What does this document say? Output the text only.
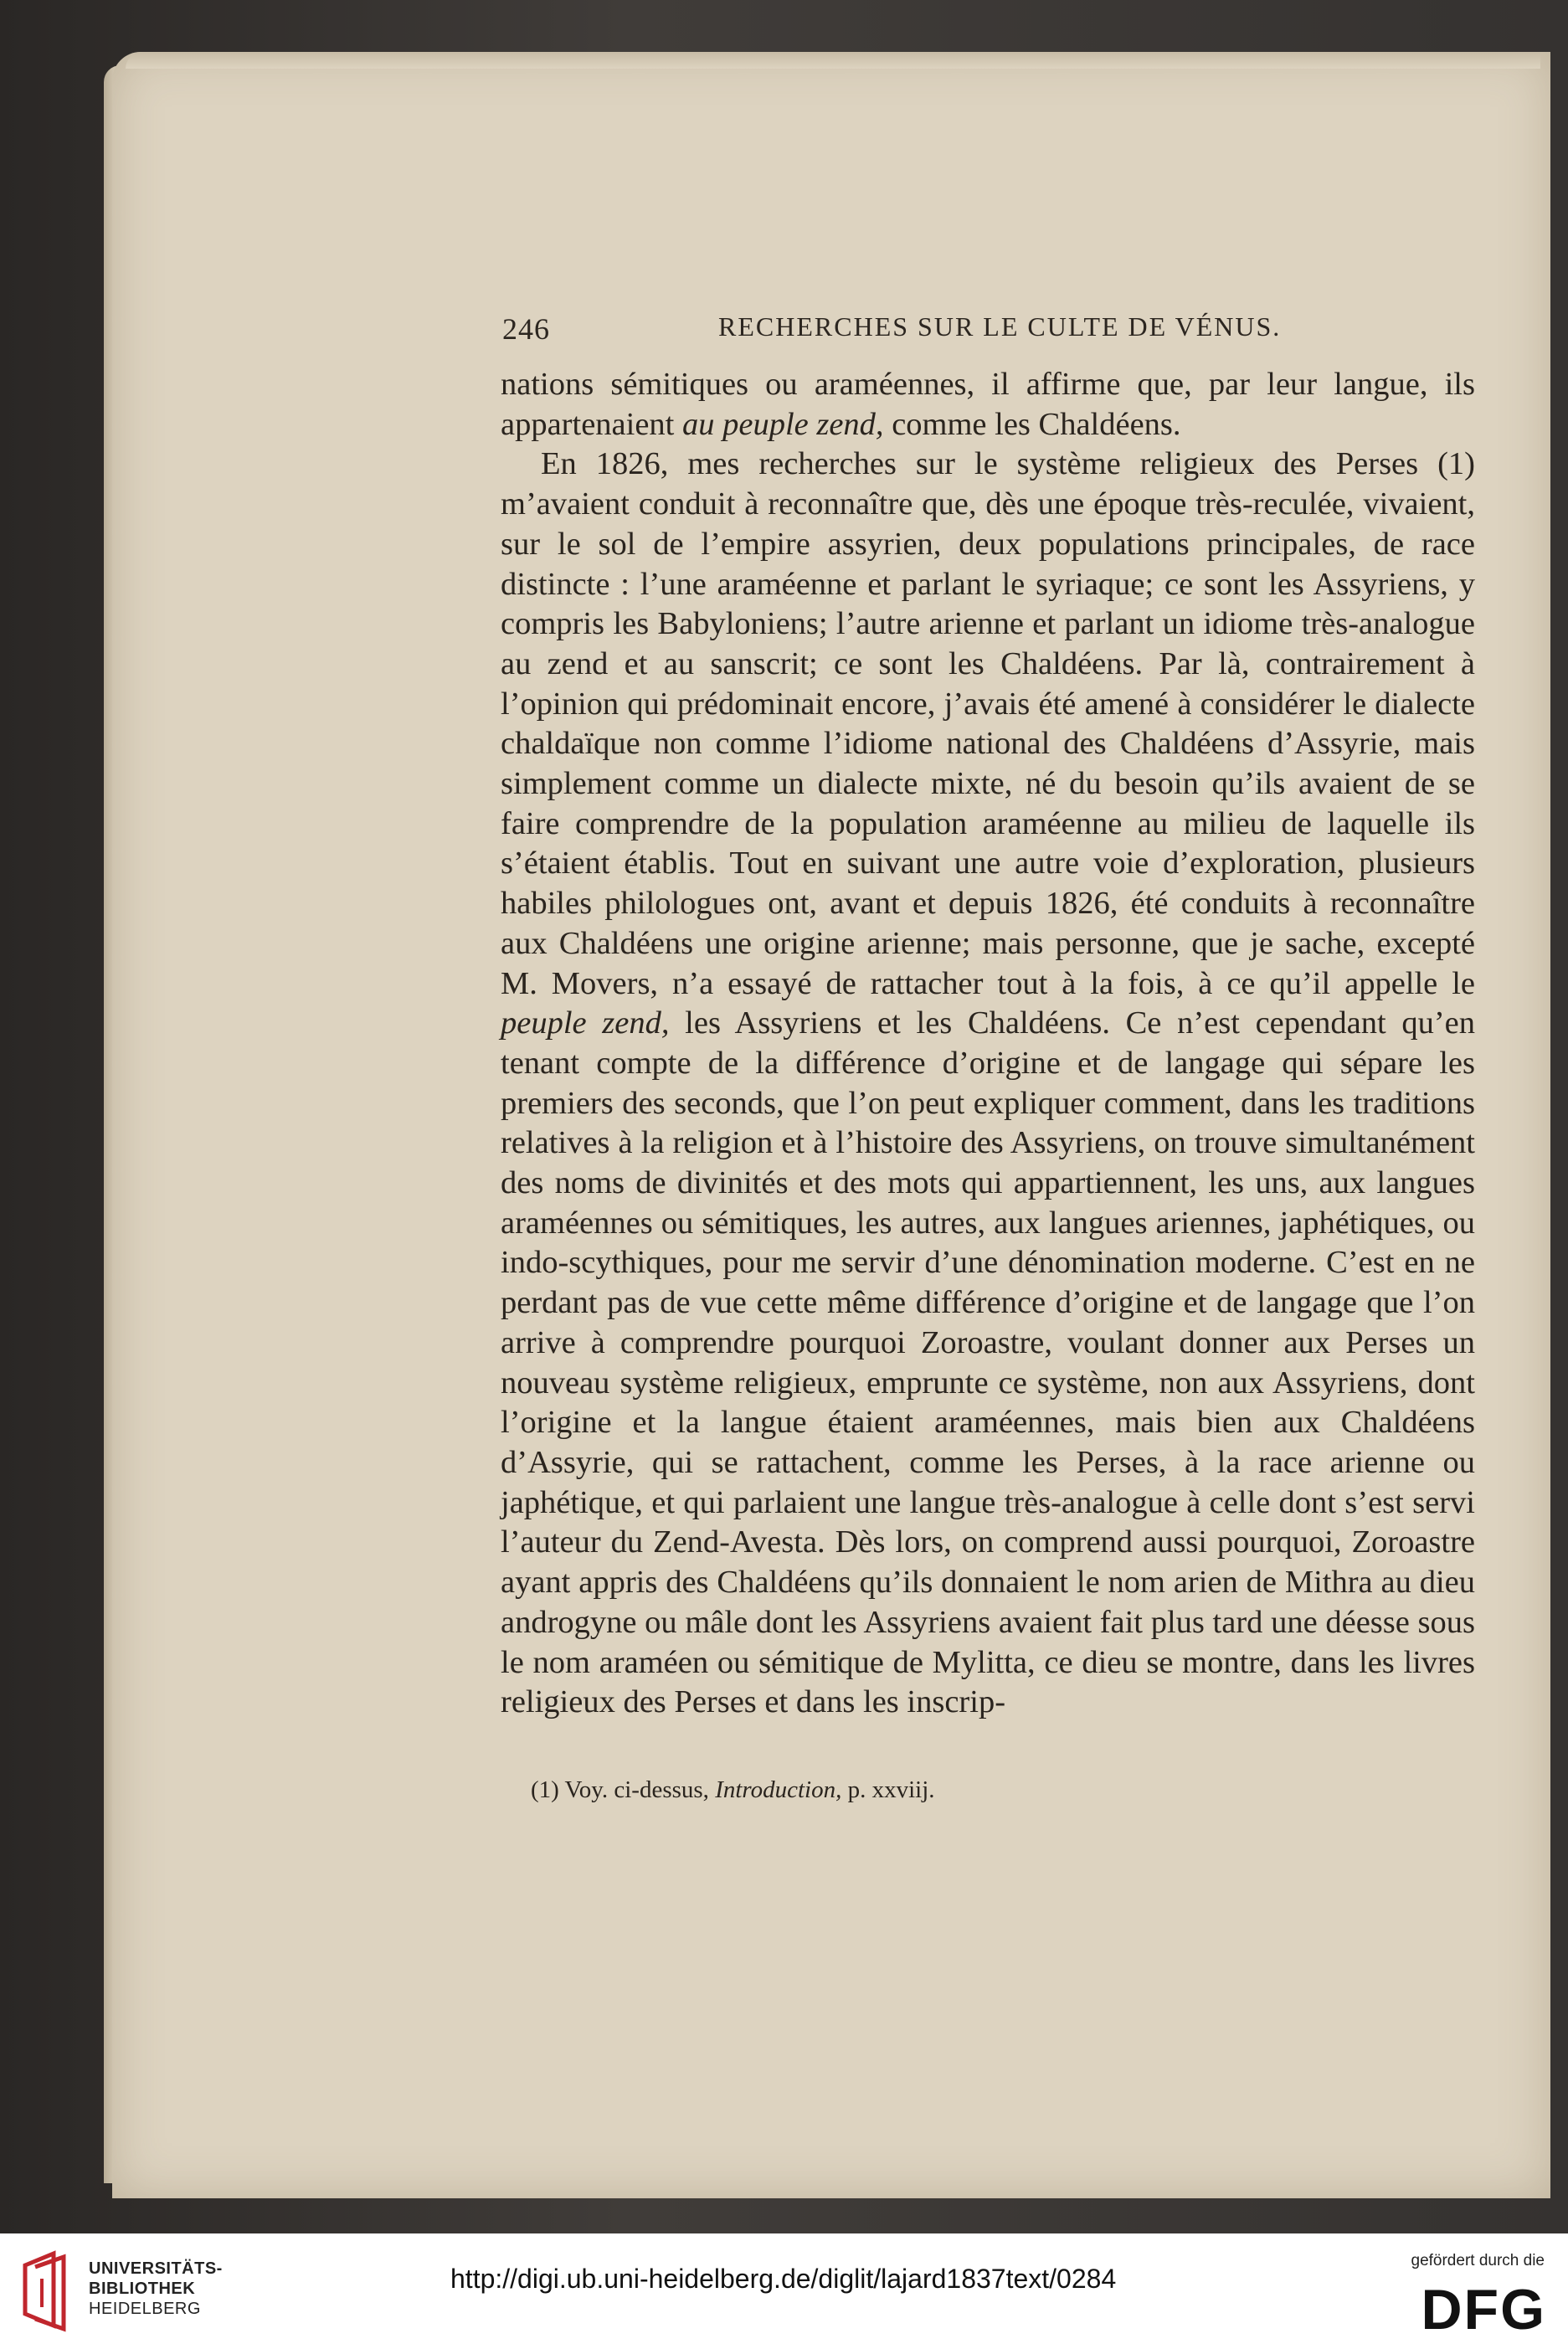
246	RECHERCHES SUR LE CULTE DE VÉNUS.

nations sémitiques ou araméennes, il affirme que, par leur langue, ils appartenaient au peuple zend, comme les Chaldéens.

En 1826, mes recherches sur le système religieux des Perses (1) m’avaient conduit à reconnaître que, dès une époque très-reculée, vivaient, sur le sol de l’empire assyrien, deux populations principales, de race distincte : l’une araméenne et parlant le syriaque; ce sont les Assyriens, y compris les Babyloniens; l’autre arienne et parlant un idiome très-analogue au zend et au sanscrit; ce sont les Chaldéens. Par là, contrairement à l’opinion qui prédominait encore, j’avais été amené à considérer le dialecte chaldaïque non comme l’idiome national des Chaldéens d’Assyrie, mais simplement comme un dialecte mixte, né du besoin qu’ils avaient de se faire comprendre de la population araméenne au milieu de laquelle ils s’étaient établis. Tout en suivant une autre voie d’exploration, plusieurs habiles philologues ont, avant et depuis 1826, été conduits à reconnaître aux Chaldéens une origine arienne; mais personne, que je sache, excepté M. Movers, n’a essayé de rattacher tout à la fois, à ce qu’il appelle le peuple zend, les Assyriens et les Chaldéens. Ce n’est cependant qu’en tenant compte de la différence d’origine et de langage qui sépare les premiers des seconds, que l’on peut expliquer comment, dans les traditions relatives à la religion et à l’histoire des Assyriens, on trouve simultanément des noms de divinités et des mots qui appartiennent, les uns, aux langues araméennes ou sémitiques, les autres, aux langues ariennes, japhétiques, ou indo-scythiques, pour me servir d’une dénomination moderne. C’est en ne perdant pas de vue cette même différence d’origine et de langage que l’on arrive à comprendre pourquoi Zoroastre, voulant donner aux Perses un nouveau système religieux, emprunte ce système, non aux Assyriens, dont l’origine et la langue étaient araméennes, mais bien aux Chaldéens d’Assyrie, qui se rattachent, comme les Perses, à la race arienne ou japhétique, et qui parlaient une langue très-analogue à celle dont s’est servi l’auteur du Zend-Avesta. Dès lors, on comprend aussi pourquoi, Zoroastre ayant appris des Chaldéens qu’ils donnaient le nom arien de Mithra au dieu androgyne ou mâle dont les Assyriens avaient fait plus tard une déesse sous le nom araméen ou sémitique de Mylitta, ce dieu se montre, dans les livres religieux des Perses et dans les inscrip-

(1) Voy. ci-dessus, Introduction, p. xxviij.
UNIVERSITÄTS-
BIBLIOTHEK
HEIDELBERG
http://digi.ub.uni-heidelberg.de/diglit/lajard1837text/0284
gefördert durch die
DFG
